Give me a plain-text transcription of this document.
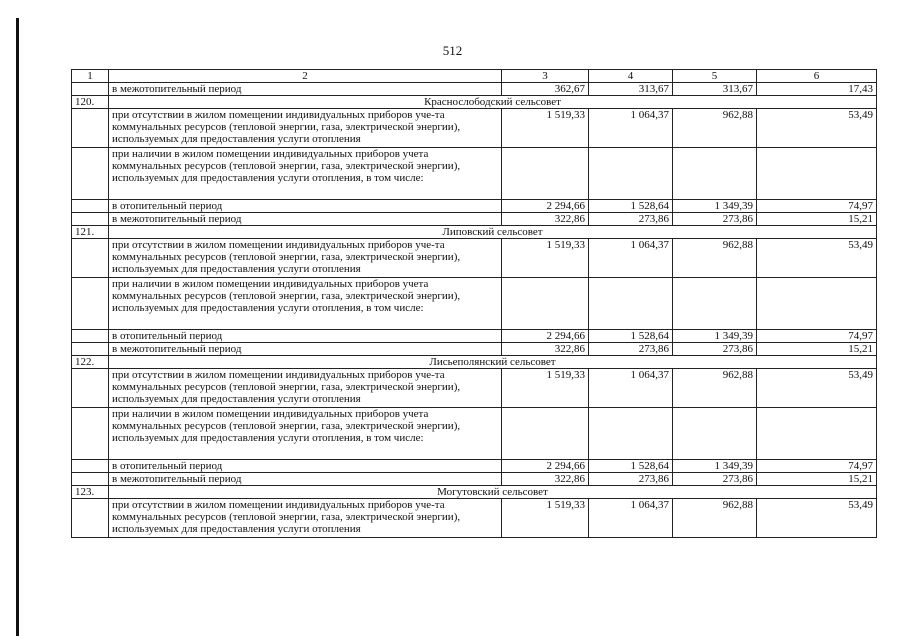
512
1	2	3	4	5	6
	в межотопительный период	362,67	313,67	313,67	17,43
120.	Краснослободский сельсовет				
	при отсутствии в жилом помещении индивидуальных приборов уче-та коммунальных ресурсов (тепловой энергии, газа, электрической энергии), используемых для предоставления услуги отопления	1 519,33	1 064,37	962,88	53,49
	при наличии в жилом помещении индивидуальных приборов учета коммунальных ресурсов (тепловой энергии, газа, электрической энергии), используемых для предоставления услуги отопления, в том числе:				
	в отопительный период	2 294,66	1 528,64	1 349,39	74,97
	в межотопительный период	322,86	273,86	273,86	15,21
121.	Липовский сельсовет				
	при отсутствии в жилом помещении индивидуальных приборов уче-та коммунальных ресурсов (тепловой энергии, газа, электрической энергии), используемых для предоставления услуги отопления	1 519,33	1 064,37	962,88	53,49
	при наличии в жилом помещении индивидуальных приборов учета коммунальных ресурсов (тепловой энергии, газа, электрической энергии), используемых для предоставления услуги отопления, в том числе:				
	в отопительный период	2 294,66	1 528,64	1 349,39	74,97
	в межотопительный период	322,86	273,86	273,86	15,21
122.	Лисьеполянский сельсовет				
	при отсутствии в жилом помещении индивидуальных приборов уче-та коммунальных ресурсов (тепловой энергии, газа, электрической энергии), используемых для предоставления услуги отопления	1 519,33	1 064,37	962,88	53,49
	при наличии в жилом помещении индивидуальных приборов учета коммунальных ресурсов (тепловой энергии, газа, электрической энергии), используемых для предоставления услуги отопления, в том числе:				
	в отопительный период	2 294,66	1 528,64	1 349,39	74,97
	в межотопительный период	322,86	273,86	273,86	15,21
123.	Могутовский сельсовет				
	при отсутствии в жилом помещении индивидуальных приборов уче-та коммунальных ресурсов (тепловой энергии, газа, электрической энергии), используемых для предоставления услуги отопления	1 519,33	1 064,37	962,88	53,49
